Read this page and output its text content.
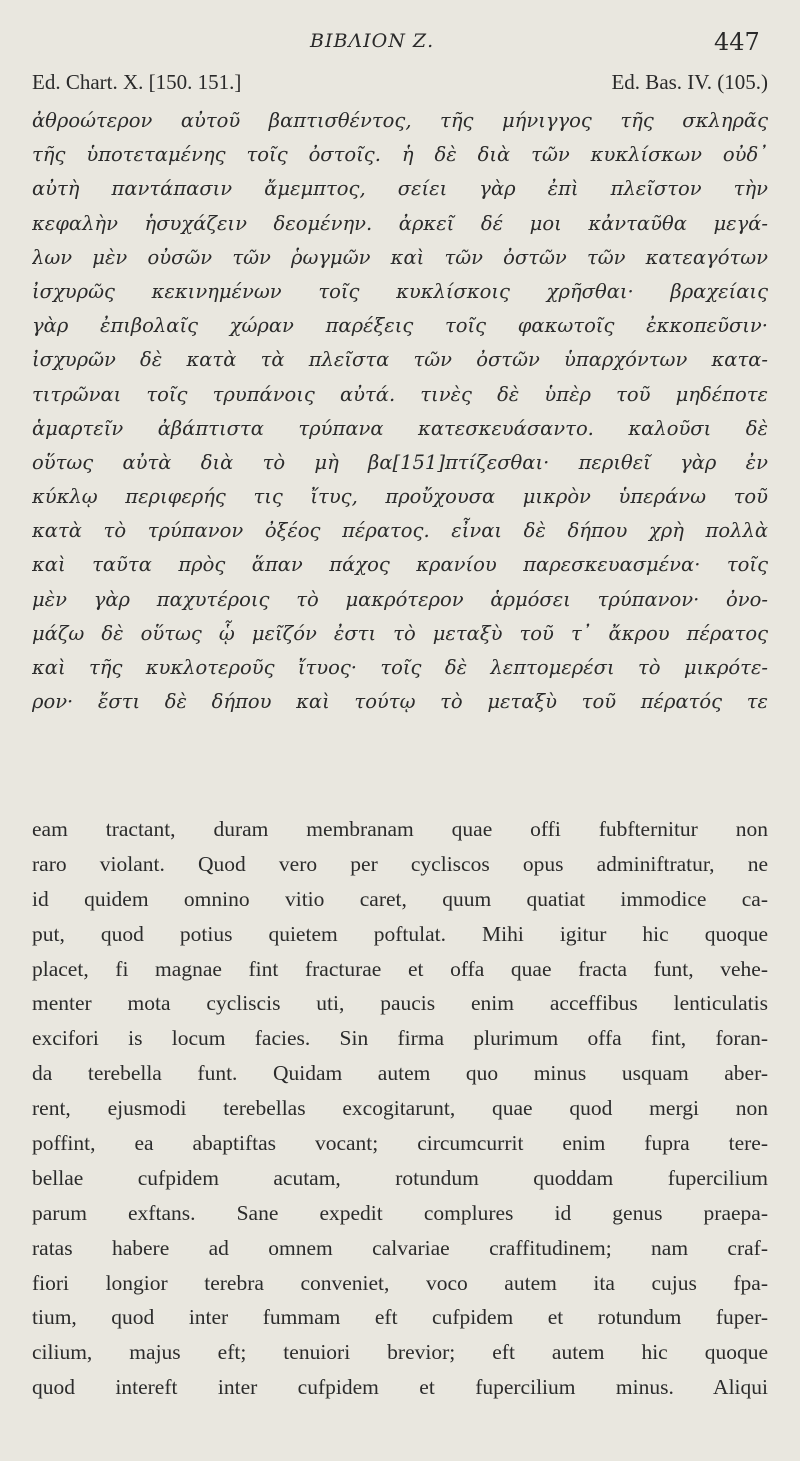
ΒΙΒΛΙΟΝ Ζ.	447
Ed. Chart. X. [150. 151.]	Ed. Bas. IV. (105.)
ἀθροώτερον αὐτοῦ βαπτισθέντος, τῆς μήνιγγος τῆς σκληρᾶς
τῆς ὑποτεταμένης τοῖς ὀστοῖς. ἡ δὲ διὰ τῶν κυκλίσκων οὐδ᾽
αὐτὴ παντάπασιν ἄμεμπτος, σείει γὰρ ἐπὶ πλεῖστον τὴν
κεφαλὴν ἡσυχάζειν δεομένην. ἀρκεῖ δέ μοι κἀνταῦθα μεγά-
λων μὲν οὐσῶν τῶν ῥωγμῶν καὶ τῶν ὀστῶν τῶν κατεαγότων
ἰσχυρῶς κεκινημένων τοῖς κυκλίσκοις χρῆσθαι· βραχείαις
γὰρ ἐπιβολαῖς χώραν παρέξεις τοῖς φακωτοῖς ἐκκοπεῦσιν·
ἰσχυρῶν δὲ κατὰ τὰ πλεῖστα τῶν ὀστῶν ὑπαρχόντων κατα-
τιτρῶναι τοῖς τρυπάνοις αὐτά. τινὲς δὲ ὑπὲρ τοῦ μηδέποτε
ἁμαρτεῖν ἀβάπτιστα τρύπανα κατεσκευάσαντο. καλοῦσι δὲ
οὕτως αὐτὰ διὰ τὸ μὴ βα[151]πτίζεσθαι· περιθεῖ γὰρ ἐν
κύκλῳ περιφερής τις ἴτυς, προὔχουσα μικρὸν ὑπεράνω τοῦ
κατὰ τὸ τρύπανον ὀξέος πέρατος. εἶναι δὲ δήπου χρὴ πολλὰ
καὶ ταῦτα πρὸς ἅπαν πάχος κρανίου παρεσκευασμένα· τοῖς
μὲν γὰρ παχυτέροις τὸ μακρότερον ἁρμόσει τρύπανον· ὀνο-
μάζω δὲ οὕτως ᾧ μεῖζόν ἐστι τὸ μεταξὺ τοῦ τ᾽ ἄκρου πέρατος
καὶ τῆς κυκλοτεροῦς ἴτυος· τοῖς δὲ λεπτομερέσι τὸ μικρότε-
ρον· ἔστι δὲ δήπου καὶ τούτῳ τὸ μεταξὺ τοῦ πέρατός τε
eam tractant, duram membranam quae offi fubfternitur non
raro violant. Quod vero per cycliscos opus adminiftratur, ne
id quidem omnino vitio caret, quum quatiat immodice ca-
put, quod potius quietem poftulat. Mihi igitur hic quoque
placet, fi magnae fint fracturae et offa quae fracta funt, vehe-
menter mota cycliscis uti, paucis enim acceffibus lenticulatis
excifori is locum facies. Sin firma plurimum offa fint, foran-
da terebella funt. Quidam autem quo minus usquam aber-
rent, ejusmodi terebellas excogitarunt, quae quod mergi non
poffint, ea abaptiftas vocant; circumcurrit enim fupra tere-
bellae cufpidem acutam, rotundum quoddam fupercilium
parum exftans. Sane expedit complures id genus praepa-
ratas habere ad omnem calvariae craffitudinem; nam craf-
fiori longior terebra conveniet, voco autem ita cujus fpa-
tium, quod inter fummam eft cufpidem et rotundum fuper-
cilium, majus eft; tenuiori brevior; eft autem hic quoque
quod intereft inter cufpidem et fupercilium minus. Aliqui
